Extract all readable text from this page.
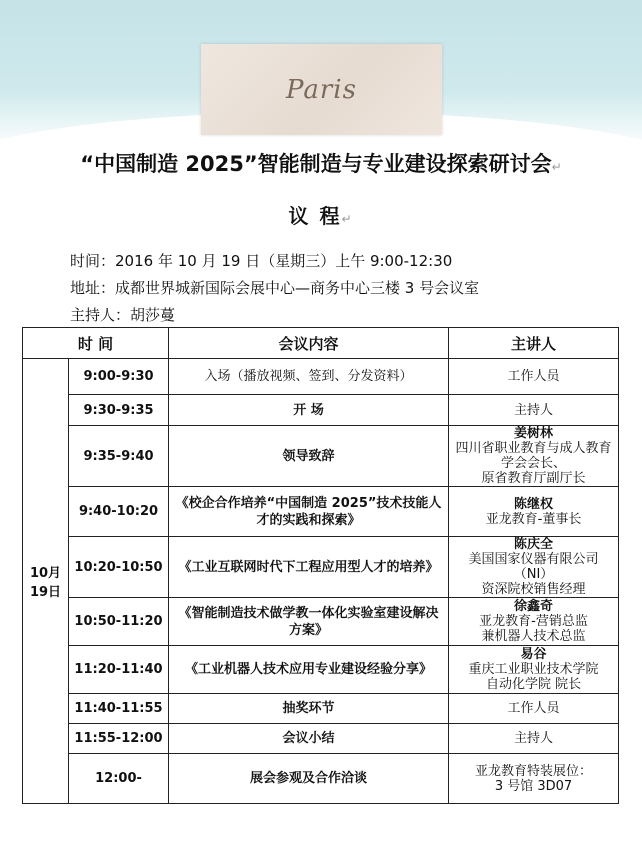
Paris
“中国制造 2025”智能制造与专业建设探索研讨会↵
议 程↵
时间：2016 年 10 月 19 日（星期三）上午 9:00-12:30
地址：成都世界城新国际会展中心—商务中心三楼 3 号会议室
主持人：胡莎蔓
时 间		会议内容	主讲人
10月 19日	9:00-9:30	入场（播放视频、签到、分发资料）	工作人员

	9:30-9:35	开 场	主持人

	9:35-9:40	领导致辞	姜树林
四川省职业教育与成人教育学会会长、
原省教育厅副厅长

	9:40-10:20	《校企合作培养“中国制造 2025”技术技能人才的实践和探索》	陈继权
亚龙教育-董事长

	10:20-10:50	《工业互联网时代下工程应用型人才的培养》	陈庆全
美国国家仪器有限公司（NI）
资深院校销售经理

	10:50-11:20	《智能制造技术做学教一体化实验室建设解决方案》	徐鑫奇
亚龙教育-营销总监
兼机器人技术总监

	11:20-11:40	《工业机器人技术应用专业建设经验分享》	易谷
重庆工业职业技术学院
自动化学院 院长

	11:40-11:55	抽奖环节	工作人员

	11:55-12:00	会议小结	主持人

	12:00-	展会参观及合作洽谈	亚龙教育特装展位：
3 号馆 3D07
